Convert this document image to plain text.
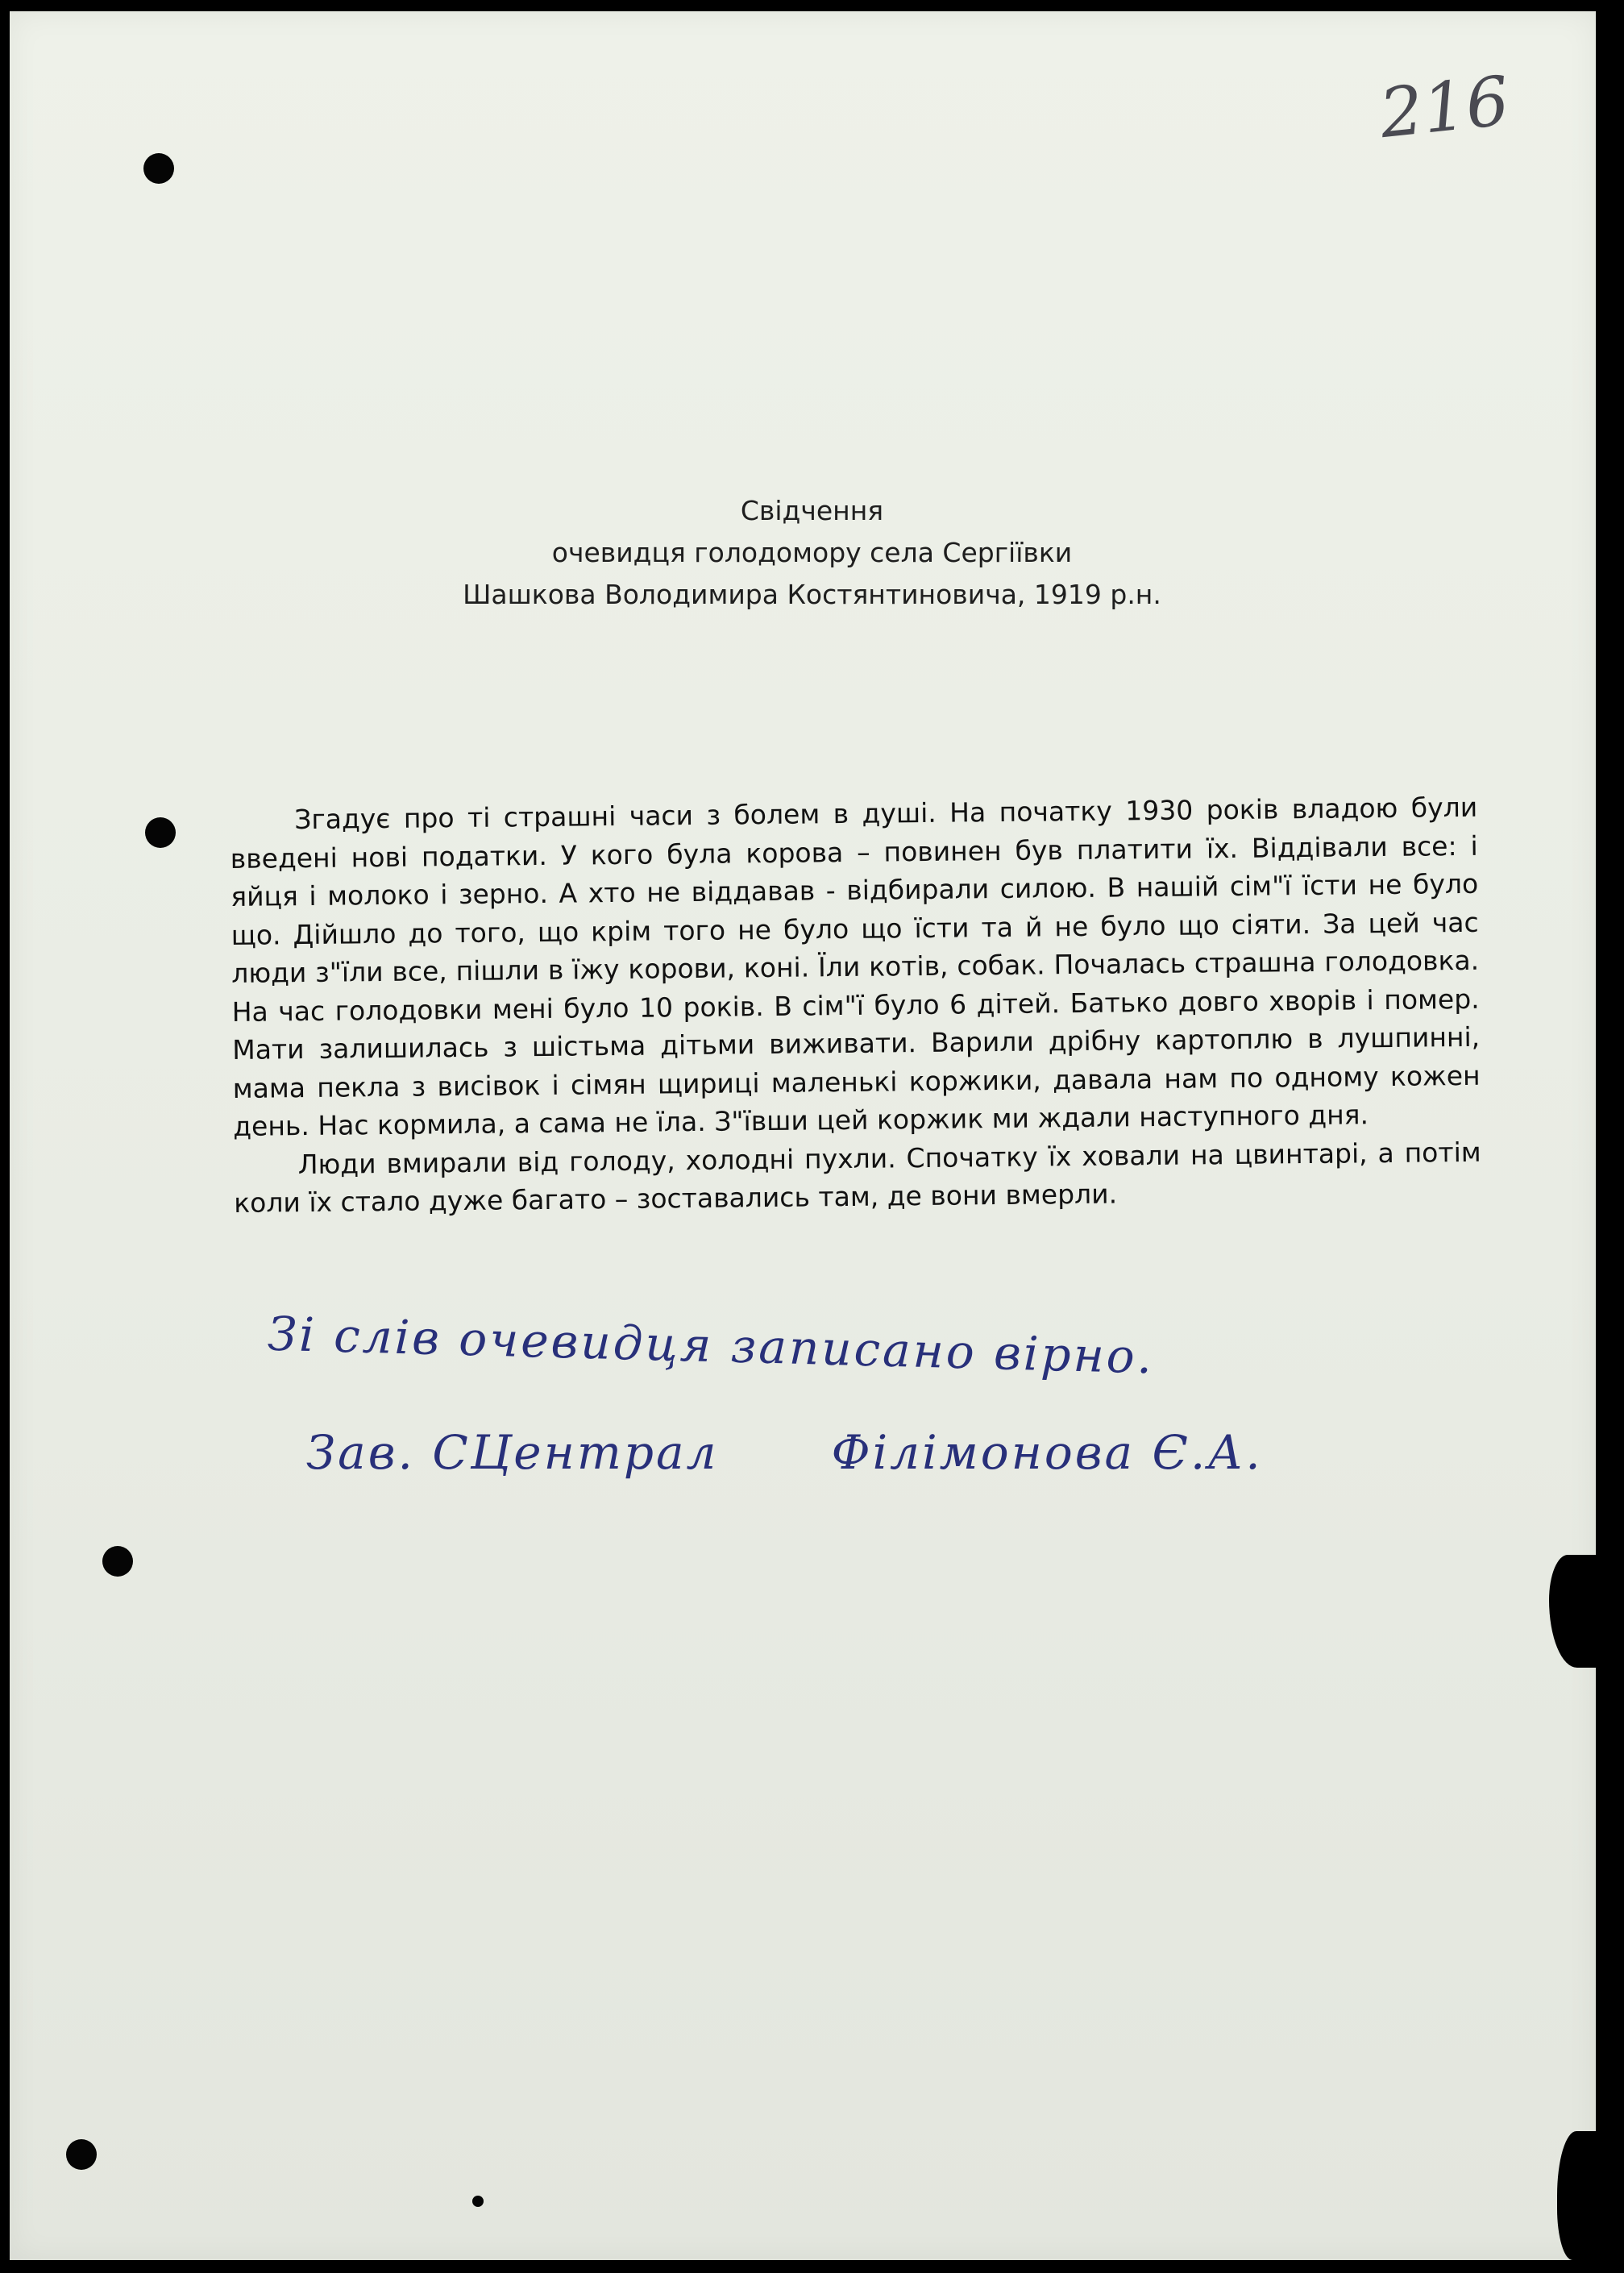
216
Свідчення
очевидця голодомору села Сергіївки
Шашкова Володимира Костянтиновича, 1919 р.н.

Згадує про ті страшні часи з болем в душі. На початку 1930 років владою були введені нові податки. У кого була корова – повинен був платити їх. Віддівали все: і яйця і молоко і зерно. А хто не віддавав - відбирали силою. В нашій сім"ї їсти не було що. Дійшло до того, що крім того не було що їсти та й не було що сіяти. За цей час люди з"їли все, пішли в їжу корови, коні. Їли котів, собак. Почалась страшна голодовка. На час голодовки мені було 10 років. В сім"ї було 6 дітей. Батько довго хворів і помер. Мати залишилась з шістьма дітьми виживати. Варили дрібну картоплю в лушпинні, мама пекла з висівок і сімян щириці маленькі коржики, давала нам по одному кожен день. Нас кормила, а сама не їла. З"ївши цей коржик ми ждали наступного дня.

Люди вмирали від голоду, холодні пухли. Спочатку їх ховали на цвинтарі, а потім коли їх стало дуже багато – зоставались там, де вони вмерли.

Зі слів очевидця записано вірно.
Зав. СЦентрал Філімонова Є.А.
